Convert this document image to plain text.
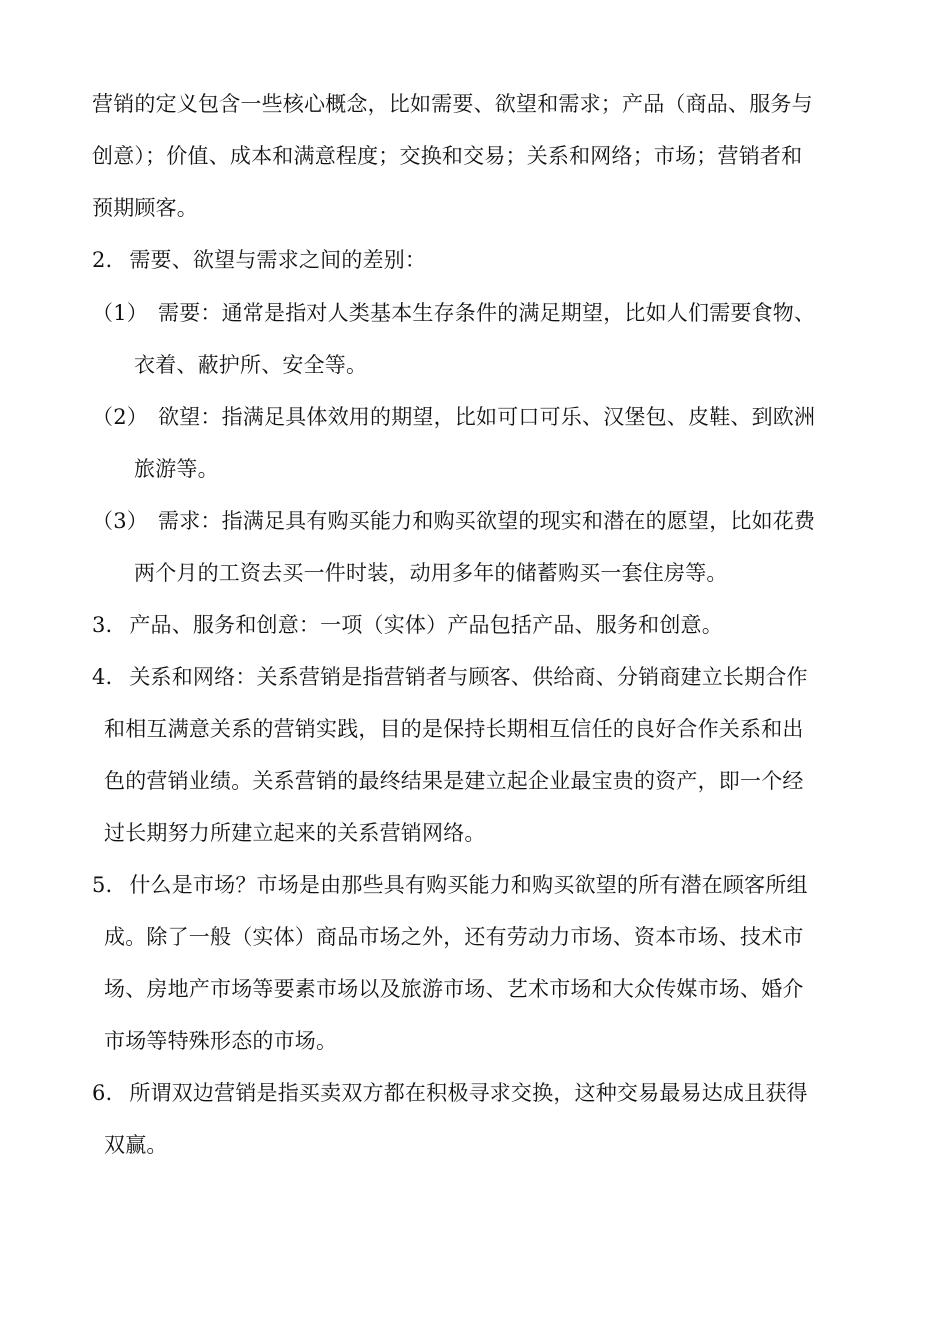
营销的定义包含一些核心概念，比如需要、欲望和需求；产品（商品、服务与
创意）；价值、成本和满意程度；交换和交易；关系和网络；市场；营销者和
预期顾客。
2. 需要、欲望与需求之间的差别：
（1） 需要：通常是指对人类基本生存条件的满足期望，比如人们需要食物、
衣着、蔽护所、安全等。
（2） 欲望：指满足具体效用的期望，比如可口可乐、汉堡包、皮鞋、到欧洲
旅游等。
（3） 需求：指满足具有购买能力和购买欲望的现实和潜在的愿望，比如花费
两个月的工资去买一件时装，动用多年的储蓄购买一套住房等。
3. 产品、服务和创意：一项（实体）产品包括产品、服务和创意。
4. 关系和网络：关系营销是指营销者与顾客、供给商、分销商建立长期合作
和相互满意关系的营销实践，目的是保持长期相互信任的良好合作关系和出
色的营销业绩。关系营销的最终结果是建立起企业最宝贵的资产，即一个经
过长期努力所建立起来的关系营销网络。
5. 什么是市场？市场是由那些具有购买能力和购买欲望的所有潜在顾客所组
成。除了一般（实体）商品市场之外，还有劳动力市场、资本市场、技术市
场、房地产市场等要素市场以及旅游市场、艺术市场和大众传媒市场、婚介
市场等特殊形态的市场。
6. 所谓双边营销是指买卖双方都在积极寻求交换，这种交易最易达成且获得
双赢。
